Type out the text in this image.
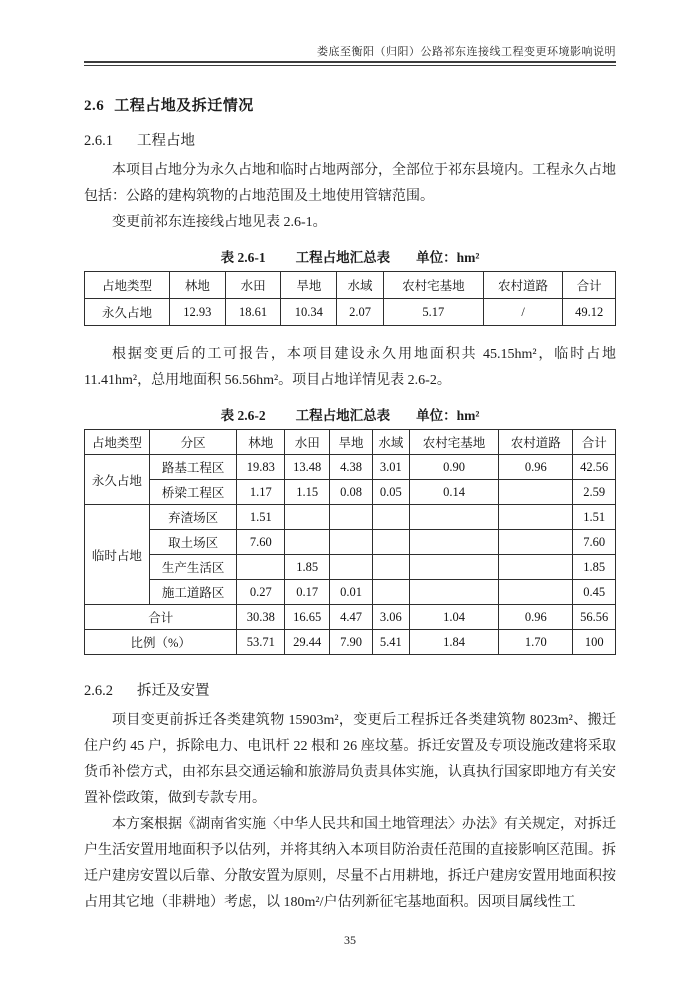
娄底至衡阳（归阳）公路祁东连接线工程变更环境影响说明
2.6 工程占地及拆迁情况
2.6.1 工程占地

本项目占地分为永久占地和临时占地两部分，全部位于祁东县境内。工程永久占地包括：公路的建构筑物的占地范围及土地使用管辖范围。

变更前祁东连接线占地见表 2.6-1。

表 2.6-1 工程占地汇总表 单位：hm²
占地类型	林地	水田	旱地	水域	农村宅基地	农村道路	合计
永久占地	12.93	18.61	10.34	2.07	5.17	/	49.12

根据变更后的工可报告，本项目建设永久用地面积共 45.15hm²，临时占地 11.41hm²，总用地面积 56.56hm²。项目占地详情见表 2.6-2。

表 2.6-2 工程占地汇总表 单位：hm²
占地类型	分区	林地	水田	旱地	水域	农村宅基地	农村道路	合计
永久占地	路基工程区	19.83	13.48	4.38	3.01	0.90	0.96	42.56
	桥梁工程区	1.17	1.15	0.08	0.05	0.14		2.59
临时占地	弃渣场区	1.51						1.51
	取土场区	7.60						7.60
	生产生活区		1.85					1.85
	施工道路区	0.27	0.17	0.01				0.45
合计		30.38	16.65	4.47	3.06	1.04	0.96	56.56
比例（%）		53.71	29.44	7.90	5.41	1.84	1.70	100
2.6.2 拆迁及安置

项目变更前拆迁各类建筑物 15903m²，变更后工程拆迁各类建筑物 8023m²、搬迁住户约 45 户，拆除电力、电讯杆 22 根和 26 座坟墓。拆迁安置及专项设施改建将采取货币补偿方式，由祁东县交通运输和旅游局负责具体实施，认真执行国家即地方有关安置补偿政策，做到专款专用。

本方案根据《湖南省实施〈中华人民共和国土地管理法〉办法》有关规定，对拆迁户生活安置用地面积予以估列，并将其纳入本项目防治责任范围的直接影响区范围。拆迁户建房安置以后靠、分散安置为原则，尽量不占用耕地，拆迁户建房安置用地面积按占用其它地（非耕地）考虑，以 180m²/户估列新征宅基地面积。因项目属线性工

35
